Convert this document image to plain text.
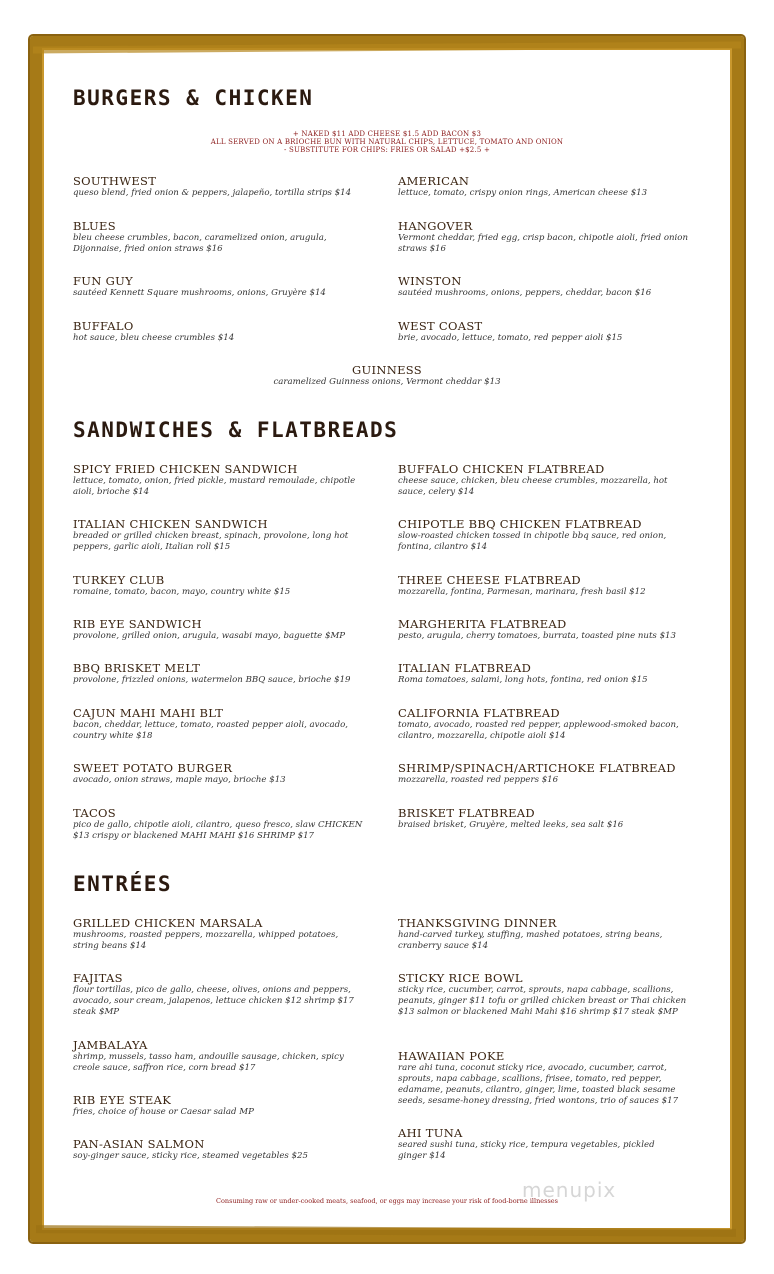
BURGERS & CHICKEN
+ NAKED $11 ADD CHEESE $1.5 ADD BACON $3
ALL SERVED ON A BRIOCHE BUN WITH NATURAL CHIPS, LETTUCE, TOMATO AND ONION
- SUBSTITUTE FOR CHIPS: FRIES OR SALAD +$2.5 +
SOUTHWEST
queso blend, fried onion & peppers, jalapeño, tortilla strips $14
AMERICAN
lettuce, tomato, crispy onion rings, American cheese $13
BLUES
bleu cheese crumbles, bacon, caramelized onion, arugula, Dijonnaise, fried onion straws $16
HANGOVER
Vermont cheddar, fried egg, crisp bacon, chipotle aioli, fried onion straws $16
FUN GUY
sautéed Kennett Square mushrooms, onions, Gruyère $14
WINSTON
sautéed mushrooms, onions, peppers, cheddar, bacon $16
BUFFALO
hot sauce, bleu cheese crumbles $14
WEST COAST
brie, avocado, lettuce, tomato, red pepper aioli $15
GUINNESS
caramelized Guinness onions, Vermont cheddar $13
SANDWICHES & FLATBREADS
SPICY FRIED CHICKEN SANDWICH
lettuce, tomato, onion, fried pickle, mustard remoulade, chipotle aioli, brioche $14
BUFFALO CHICKEN FLATBREAD
cheese sauce, chicken, bleu cheese crumbles, mozzarella, hot sauce, celery $14
ITALIAN CHICKEN SANDWICH
breaded or grilled chicken breast, spinach, provolone, long hot peppers, garlic aioli, Italian roll $15
CHIPOTLE BBQ CHICKEN FLATBREAD
slow-roasted chicken tossed in chipotle bbq sauce, red onion, fontina, cilantro $14
TURKEY CLUB
romaine, tomato, bacon, mayo, country white $15
THREE CHEESE FLATBREAD
mozzarella, fontina, Parmesan, marinara, fresh basil $12
RIB EYE SANDWICH
provolone, grilled onion, arugula, wasabi mayo, baguette $MP
MARGHERITA FLATBREAD
pesto, arugula, cherry tomatoes, burrata, toasted pine nuts $13
BBQ BRISKET MELT
provolone, frizzled onions, watermelon BBQ sauce, brioche $19
ITALIAN FLATBREAD
Roma tomatoes, salami, long hots, fontina, red onion $15
CAJUN MAHI MAHI BLT
bacon, cheddar, lettuce, tomato, roasted pepper aioli, avocado, country white $18
CALIFORNIA FLATBREAD
tomato, avocado, roasted red pepper, applewood-smoked bacon, cilantro, mozzarella, chipotle aioli $14
SWEET POTATO BURGER
avocado, onion straws, maple mayo, brioche $13
SHRIMP/SPINACH/ARTICHOKE FLATBREAD
mozzarella, roasted red peppers $16
TACOS
pico de gallo, chipotle aioli, cilantro, queso fresco, slaw CHICKEN $13 crispy or blackened MAHI MAHI $16 SHRIMP $17
BRISKET FLATBREAD
braised brisket, Gruyère, melted leeks, sea salt $16
ENTRÉES
GRILLED CHICKEN MARSALA
mushrooms, roasted peppers, mozzarella, whipped potatoes, string beans $14
THANKSGIVING DINNER
hand-carved turkey, stuffing, mashed potatoes, string beans, cranberry sauce $14
FAJITAS
flour tortillas, pico de gallo, cheese, olives, onions and peppers, avocado, sour cream, jalapenos, lettuce chicken $12 shrimp $17 steak $MP
STICKY RICE BOWL
sticky rice, cucumber, carrot, sprouts, napa cabbage, scallions, peanuts, ginger $11 tofu or grilled chicken breast or Thai chicken $13 salmon or blackened Mahi Mahi $16 shrimp $17 steak $MP
JAMBALAYA
shrimp, mussels, tasso ham, andouille sausage, chicken, spicy creole sauce, saffron rice, corn bread $17
HAWAIIAN POKE
rare ahi tuna, coconut sticky rice, avocado, cucumber, carrot, sprouts, napa cabbage, scallions, frisee, tomato, red pepper, edamame, peanuts, cilantro, ginger, lime, toasted black sesame seeds, sesame-honey dressing, fried wontons, trio of sauces $17
RIB EYE STEAK
fries, choice of house or Caesar salad MP
AHI TUNA
seared sushi tuna, sticky rice, tempura vegetables, pickled ginger $14
PAN-ASIAN SALMON
soy-ginger sauce, sticky rice, steamed vegetables $25
menupix
Consuming raw or under-cooked meats, seafood, or eggs may increase your risk of food-borne illnesses
